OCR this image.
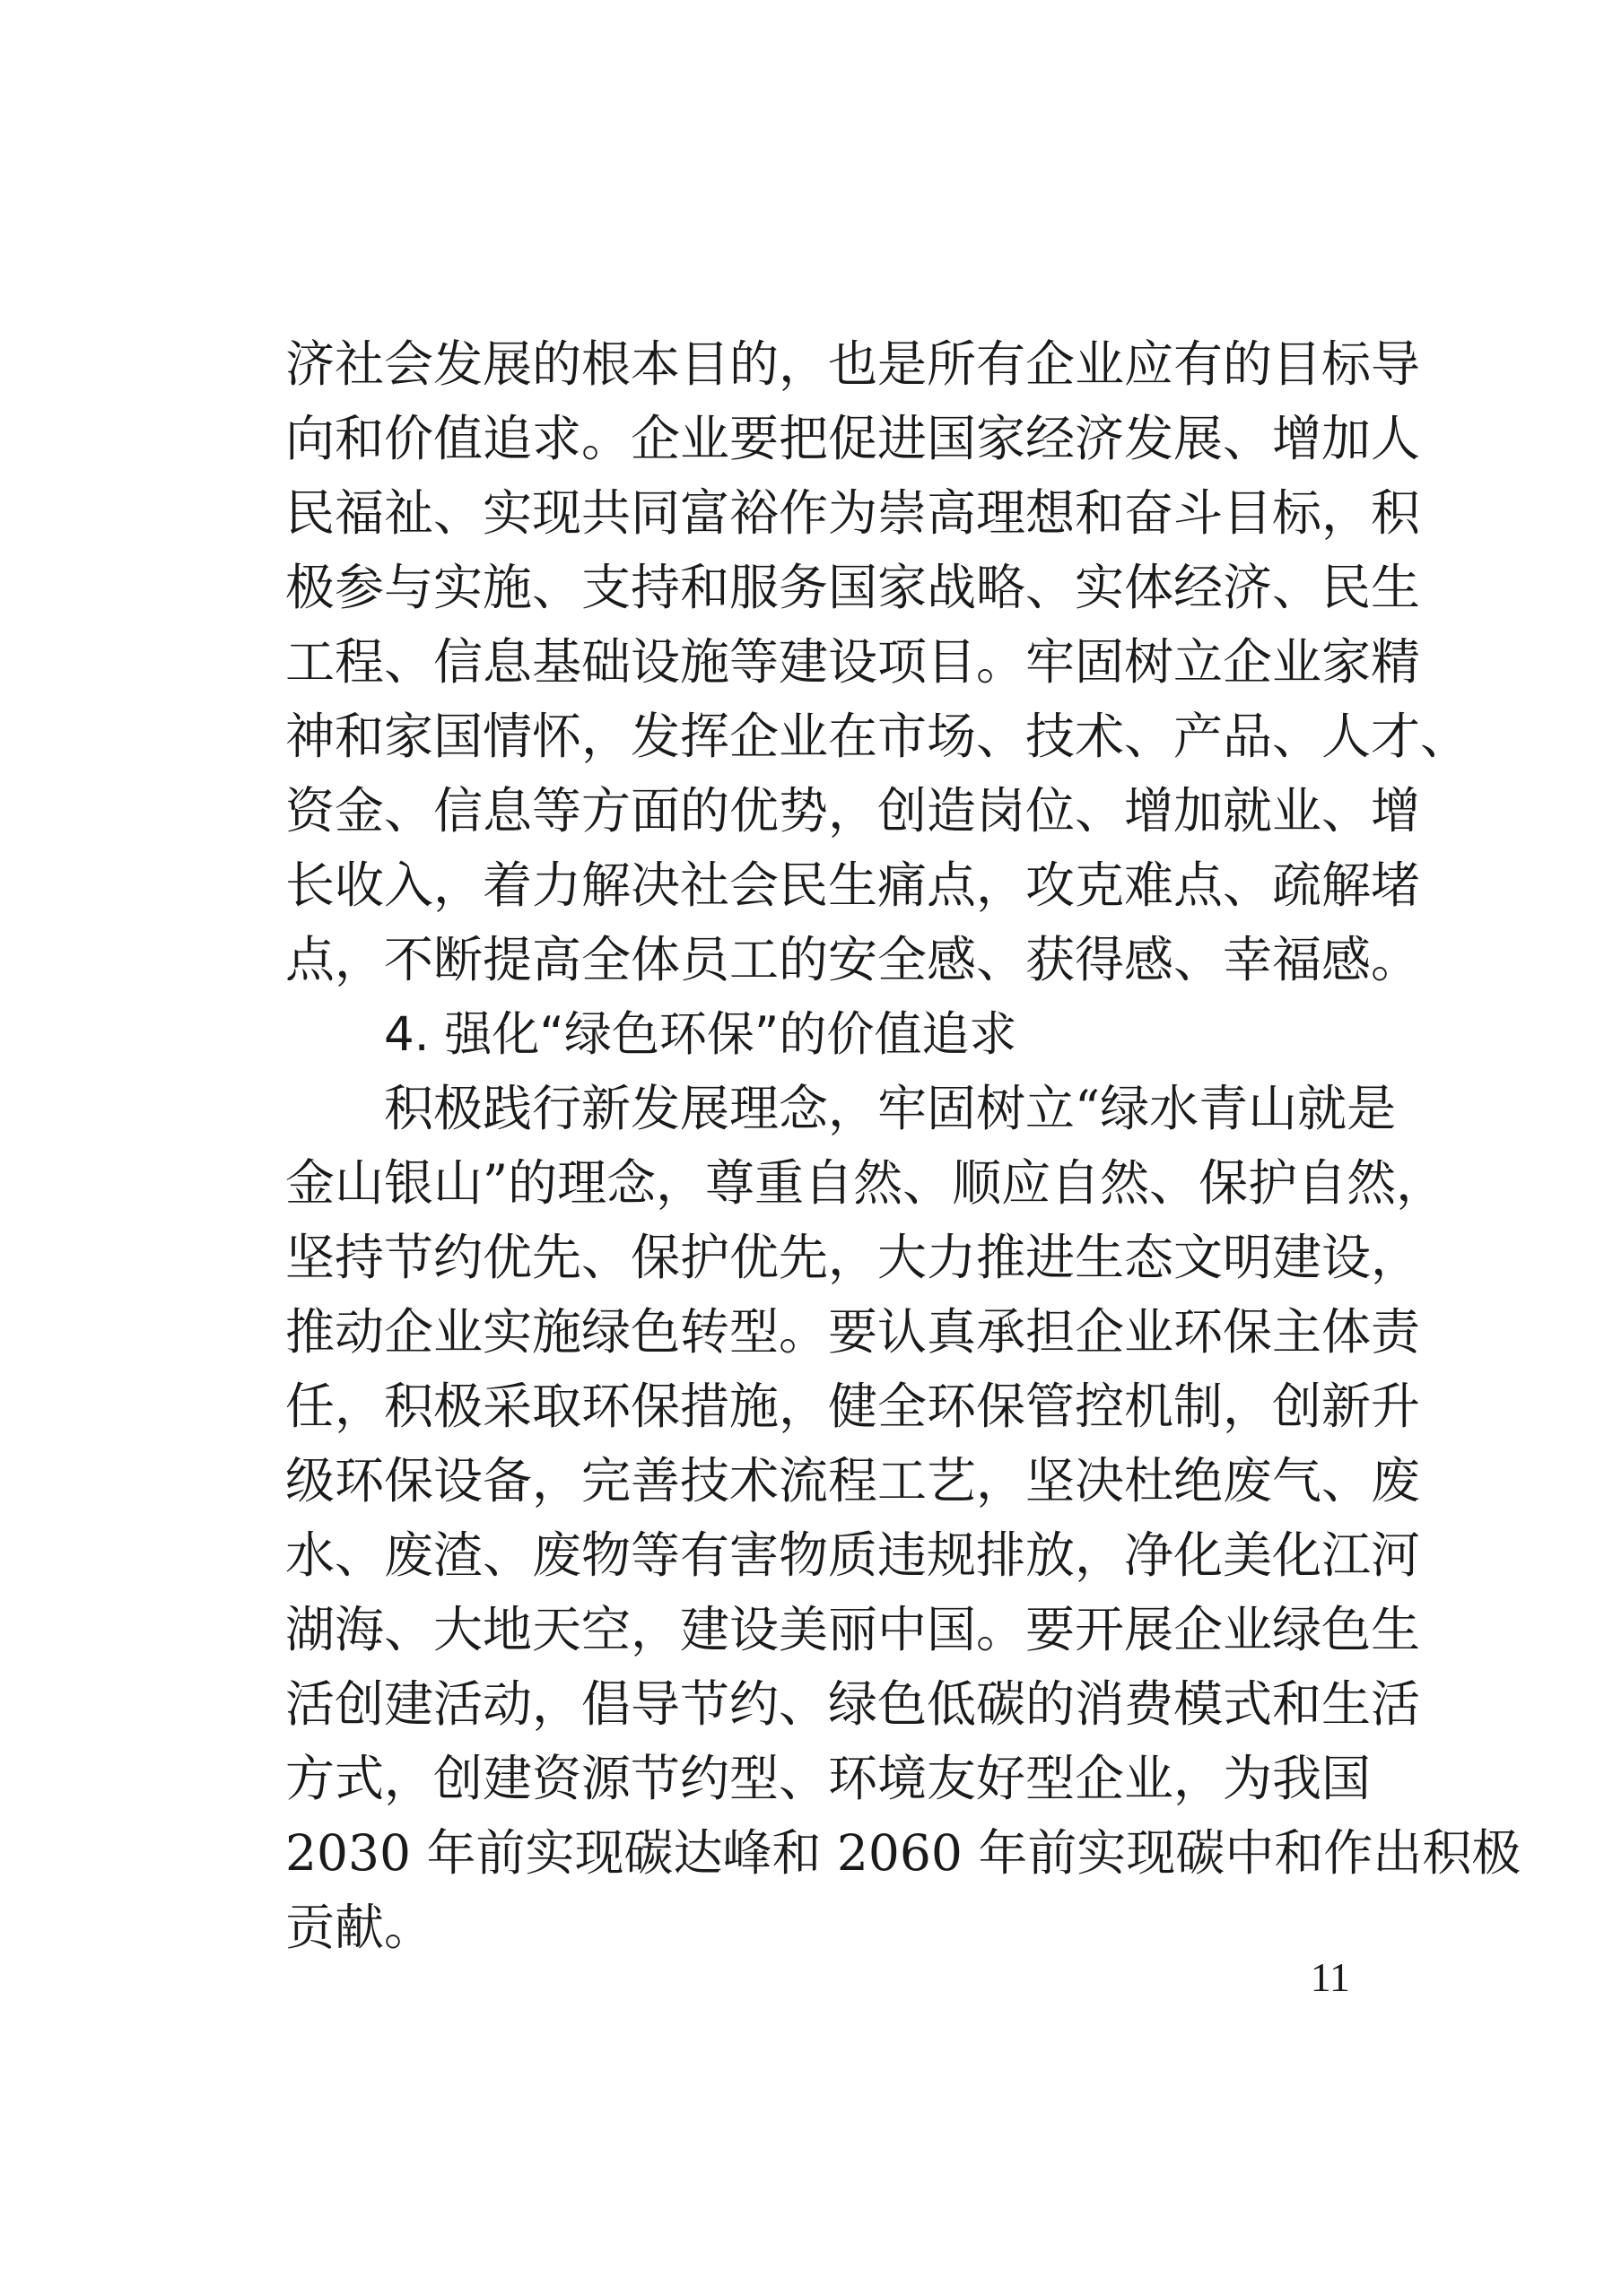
济社会发展的根本目的，也是所有企业应有的目标导
向和价值追求。企业要把促进国家经济发展、增加人
民福祉、实现共同富裕作为崇高理想和奋斗目标，积
极参与实施、支持和服务国家战略、实体经济、民生
工程、信息基础设施等建设项目。牢固树立企业家精
神和家国情怀，发挥企业在市场、技术、产品、人才、
资金、信息等方面的优势，创造岗位、增加就业、增
长收入，着力解决社会民生痛点，攻克难点、疏解堵
点，不断提高全体员工的安全感、获得感、幸福感。
4. 强化“绿色环保”的价值追求
积极践行新发展理念，牢固树立“绿水青山就是
金山银山”的理念，尊重自然、顺应自然、保护自然，
坚持节约优先、保护优先，大力推进生态文明建设，
推动企业实施绿色转型。要认真承担企业环保主体责
任，积极采取环保措施，健全环保管控机制，创新升
级环保设备，完善技术流程工艺，坚决杜绝废气、废
水、废渣、废物等有害物质违规排放，净化美化江河
湖海、大地天空，建设美丽中国。要开展企业绿色生
活创建活动，倡导节约、绿色低碳的消费模式和生活
方式，创建资源节约型、环境友好型企业，为我国
2030 年前实现碳达峰和 2060 年前实现碳中和作出积极
贡献。
11
